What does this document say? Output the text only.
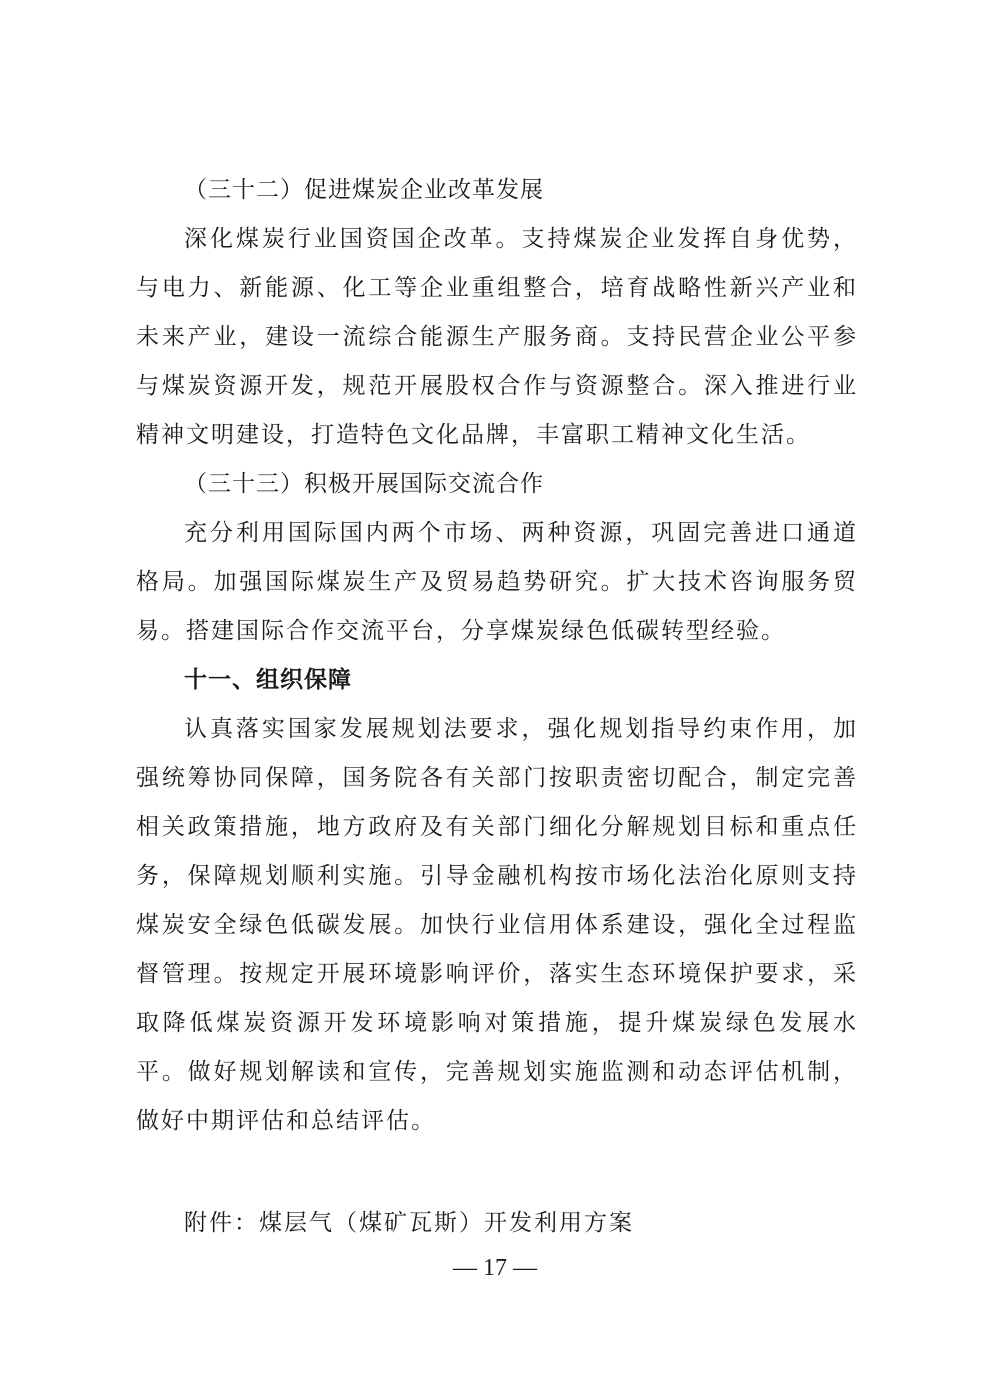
（三十二）促进煤炭企业改革发展

深化煤炭行业国资国企改革。支持煤炭企业发挥自身优势，与电力、新能源、化工等企业重组整合，培育战略性新兴产业和未来产业，建设一流综合能源生产服务商。支持民营企业公平参与煤炭资源开发，规范开展股权合作与资源整合。深入推进行业精神文明建设，打造特色文化品牌，丰富职工精神文化生活。

（三十三）积极开展国际交流合作

充分利用国际国内两个市场、两种资源，巩固完善进口通道格局。加强国际煤炭生产及贸易趋势研究。扩大技术咨询服务贸易。搭建国际合作交流平台，分享煤炭绿色低碳转型经验。

十一、组织保障

认真落实国家发展规划法要求，强化规划指导约束作用，加强统筹协同保障，国务院各有关部门按职责密切配合，制定完善相关政策措施，地方政府及有关部门细化分解规划目标和重点任务，保障规划顺利实施。引导金融机构按市场化法治化原则支持煤炭安全绿色低碳发展。加快行业信用体系建设，强化全过程监督管理。按规定开展环境影响评价，落实生态环境保护要求，采取降低煤炭资源开发环境影响对策措施，提升煤炭绿色发展水平。做好规划解读和宣传，完善规划实施监测和动态评估机制，做好中期评估和总结评估。

附件：煤层气（煤矿瓦斯）开发利用方案
— 17 —
